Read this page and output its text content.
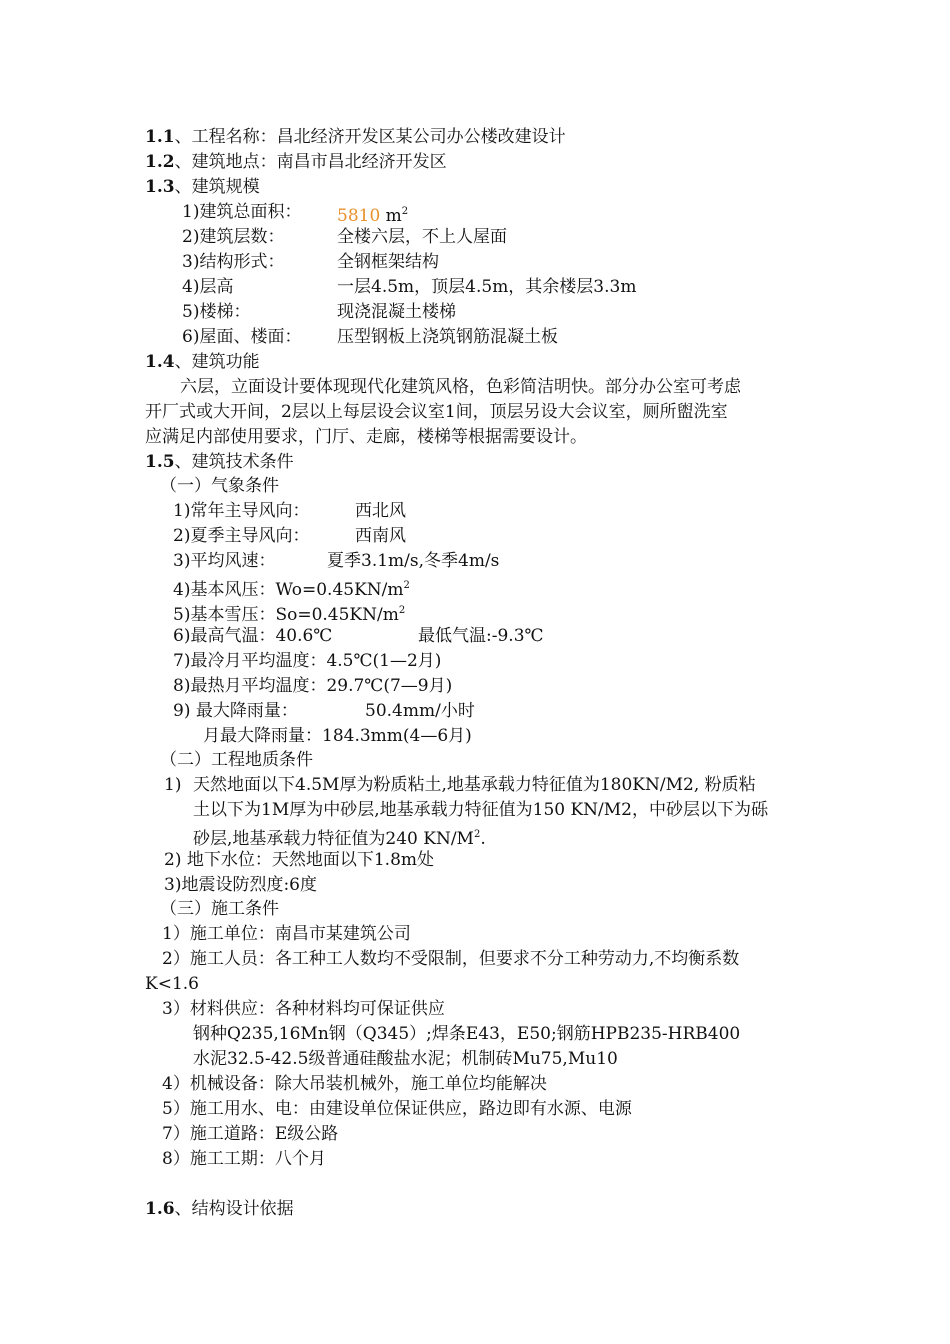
1.1、工程名称：昌北经济开发区某公司办公楼改建设计
1.2、建筑地点：南昌市昌北经济开发区
1.3、建筑规模
1)建筑总面积： 5810 $m^2$
2)建筑层数：	全楼六层，不上人屋面
3)结构形式：	全钢框架结构
4)层高	一层4.5m，顶层4.5m，其余楼层3.3m
5)楼梯：	现浇混凝土楼梯
6)屋面、楼面： 压型钢板上浇筑钢筋混凝土板
1.4、建筑功能
六层，立面设计要体现现代化建筑风格，色彩简洁明快。部分办公室可考虑
开厂式或大开间，2层以上每层设会议室1间，顶层另设大会议室，厕所盥洗室
应满足内部使用要求，门厅、走廊，楼梯等根据需要设计。
1.5、建筑技术条件
（一）气象条件
1)常年主导风向：	西北风
2)夏季主导风向：	西南风
3)平均风速：	夏季3.1m/s,冬季4m/s
4)基本风压：$Wo=0.45KN/m^2$
5)基本雪压：$So=0.45KN/m^2$
6)最高气温：40.6℃	最低气温:-9.3℃
7)最冷月平均温度：4.5℃(1—2月)
8)最热月平均温度：29.7℃(7—9月)
9) 最大降雨量：	50.4mm/小时
月最大降雨量：184.3mm(4—6月)
（二）工程地质条件
1) 天然地面以下4.5M厚为粉质粘土,地基承载力特征值为180KN/M2, 粉质粘
土以下为1M厚为中砂层,地基承载力特征值为150 KN/M2，中砂层以下为砾
砂层,地基承载力特征值为240 $KN/M^2$.
2) 地下水位：天然地面以下1.8m处
3)地震设防烈度:6度
（三）施工条件
1）施工单位：南昌市某建筑公司
2）施工人员：各工种工人数均不受限制，但要求不分工种劳动力,不均衡系数
K<1.6
3）材料供应：各种材料均可保证供应
钢种Q235,16Mn钢（Q345）;焊条E43，E50;钢筋HPB235-HRB400
水泥32.5-42.5级普通硅酸盐水泥；机制砖Mu75,Mu10
4）机械设备：除大吊装机械外，施工单位均能解决
5）施工用水、电：由建设单位保证供应，路边即有水源、电源
7）施工道路：E级公路
8）施工工期：八个月
1.6、结构设计依据
